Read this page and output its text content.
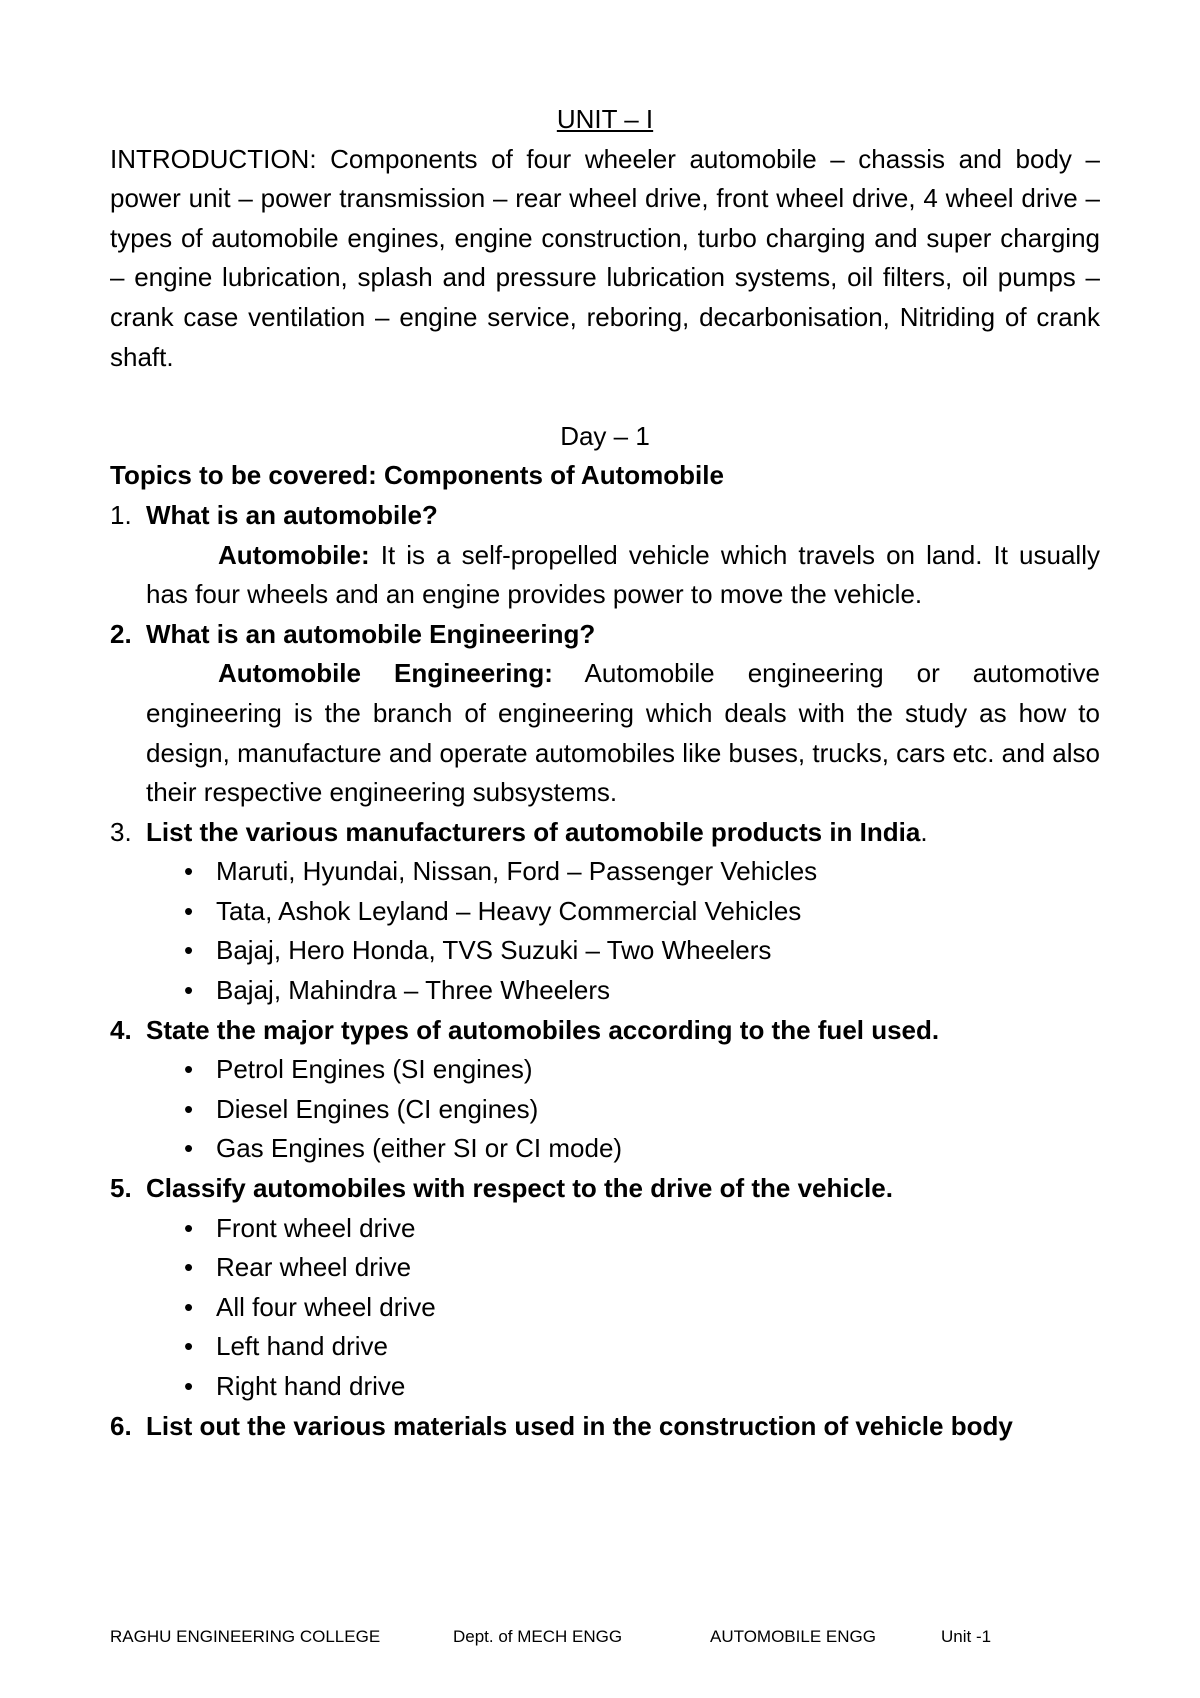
UNIT – I

INTRODUCTION: Components of four wheeler automobile – chassis and body – power unit – power transmission – rear wheel drive, front wheel drive, 4 wheel drive – types of automobile engines, engine construction, turbo charging and super charging – engine lubrication, splash and pressure lubrication systems, oil filters, oil pumps – crank case ventilation – engine service, reboring, decarbonisation, Nitriding of crank shaft.

Day – 1

Topics to be covered: Components of Automobile

1. What is an automobile?

Automobile: It is a self-propelled vehicle which travels on land. It usually has four wheels and an engine provides power to move the vehicle.

2. What is an automobile Engineering?

Automobile Engineering: Automobile engineering or automotive engineering is the branch of engineering which deals with the study as how to design, manufacture and operate automobiles like buses, trucks, cars etc. and also their respective engineering subsystems.

3. List the various manufacturers of automobile products in India.

• Maruti, Hyundai, Nissan, Ford – Passenger Vehicles
• Tata, Ashok Leyland – Heavy Commercial Vehicles
• Bajaj, Hero Honda, TVS Suzuki – Two Wheelers
• Bajaj, Mahindra – Three Wheelers

4. State the major types of automobiles according to the fuel used.

• Petrol Engines (SI engines)
• Diesel Engines (CI engines)
• Gas Engines (either SI or CI mode)

5. Classify automobiles with respect to the drive of the vehicle.

• Front wheel drive
• Rear wheel drive
• All four wheel drive
• Left hand drive
• Right hand drive

6. List out the various materials used in the construction of vehicle body

RAGHU ENGINEERING COLLEGE	Dept. of MECH ENGG	AUTOMOBILE ENGG	Unit -1
